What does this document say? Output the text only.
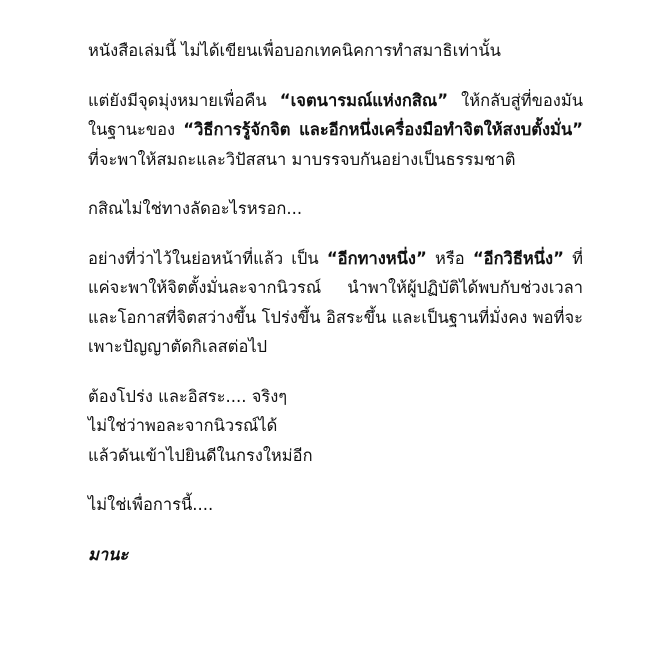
หนังสือเล่มนี้ ไม่ได้เขียนเพื่อบอกเทคนิคการทำสมาธิเท่านั้น

แต่ยังมีจุดมุ่งหมายเพื่อคืน “เจตนารมณ์แห่งกสิณ” ให้กลับสู่ที่ของมัน ในฐานะของ “วิธีการรู้จักจิต และอีกหนึ่งเครื่องมือทำจิตให้สงบตั้งมั่น” ที่จะพาให้สมถะและวิปัสสนา มาบรรจบกันอย่างเป็นธรรมชาติ

กสิณไม่ใช่ทางลัดอะไรหรอก...

อย่างที่ว่าไว้ในย่อหน้าที่แล้ว เป็น “อีกทางหนึ่ง” หรือ “อีกวิธีหนึ่ง” ที่แค่จะพาให้จิตตั้งมั่นละจากนิวรณ์ นำพาให้ผู้ปฏิบัติได้พบกับช่วงเวลาและโอกาสที่จิตสว่างขึ้น โปร่งขึ้น อิสระขึ้น และเป็นฐานที่มั่งคง พอที่จะเพาะปัญญาตัดกิเลสต่อไป

ต้องโปร่ง และอิสระ.... จริงๆ
ไม่ใช่ว่าพอละจากนิวรณ์ได้
แล้วดันเข้าไปยินดีในกรงใหม่อีก

ไม่ใช่เพื่อการนี้....

มานะ
